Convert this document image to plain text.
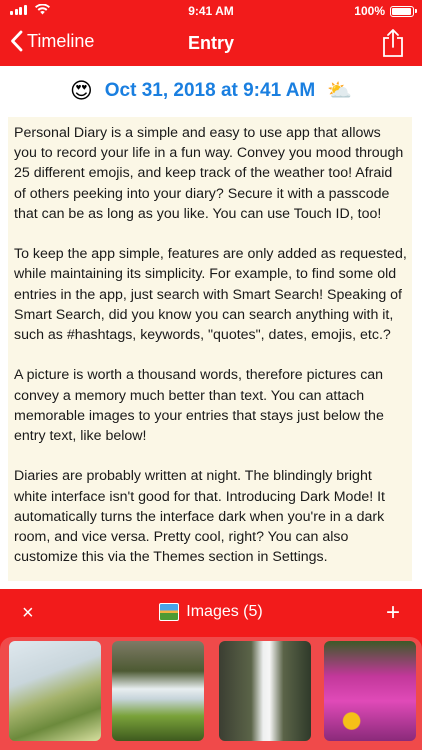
9:41 AM	100%
Timeline	Entry
😍 Oct 31, 2018 at 9:41 AM ⛅

Personal Diary is a simple and easy to use app that allows you to record your life in a fun way. Convey you mood through 25 different emojis, and keep track of the weather too! Afraid of others peeking into your diary? Secure it with a passcode that can be as long as you like. You can use Touch ID, too!

To keep the app simple, features are only added as requested, while maintaining its simplicity. For example, to find some old entries in the app, just search with Smart Search! Speaking of Smart Search, did you know you can search anything with it, such as #hashtags, keywords, "quotes", dates, emojis, etc.?

A picture is worth a thousand words, therefore pictures can convey a memory much better than text. You can attach memorable images to your entries that stays just below the entry text, like below!

Diaries are probably written at night. The blindingly bright white interface isn't good for that. Introducing Dark Mode! It automatically turns the interface dark when you're in a dark room, and vice versa. Pretty cool, right? You can also customize this via the Themes section in Settings.

×	Images (5)	+
